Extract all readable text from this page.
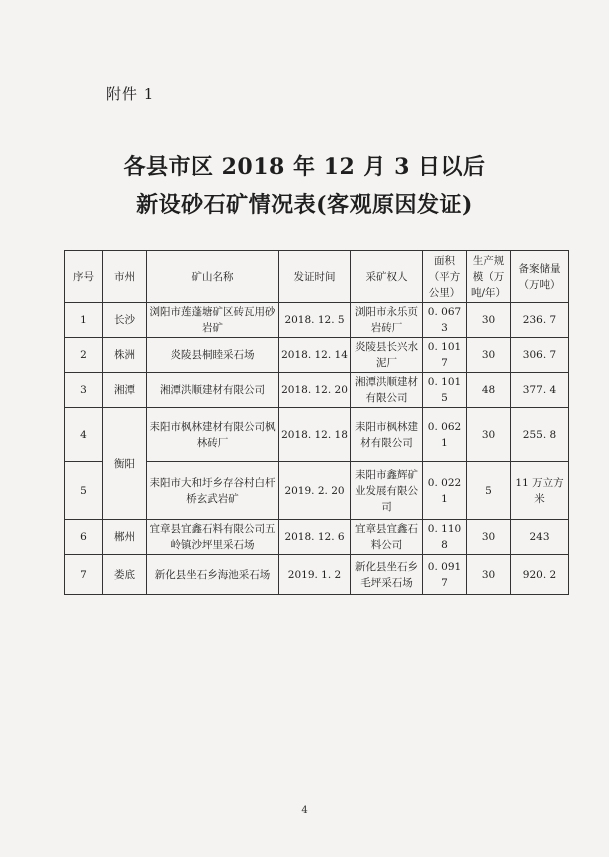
附件 1
各县市区 2018 年 12 月 3 日以后
新设砂石矿情况表(客观原因发证)
序号	市州	矿山名称	发证时间	采矿权人	面积（平方公里）	生产规模（万吨/年）	备案储量（万吨）
1	长沙	浏阳市莲蓬塘矿区砖瓦用砂岩矿	2018. 12. 5	浏阳市永乐页岩砖厂	0. 0673	30	236. 7
2	株洲	炎陵县桐睦采石场	2018. 12. 14	炎陵县长兴水泥厂	0. 1017	30	306. 7
3	湘潭	湘潭洪顺建材有限公司	2018. 12. 20	湘潭洪顺建材有限公司	0. 1015	48	377. 4
4	衡阳	耒阳市枫林建材有限公司枫林砖厂	2018. 12. 18	耒阳市枫林建材有限公司	0. 0621	30	255. 8
5		耒阳市大和圩乡存谷村白杆桥玄武岩矿	2019. 2. 20	耒阳市鑫辉矿业发展有限公司	0. 0221	5	11 万立方米
6	郴州	宜章县宜鑫石料有限公司五岭镇沙坪里采石场	2018. 12. 6	宜章县宜鑫石料公司	0. 1108	30	243
7	娄底	新化县坐石乡海池采石场	2019. 1. 2	新化县坐石乡毛坪采石场	0. 0917	30	920. 2
4
